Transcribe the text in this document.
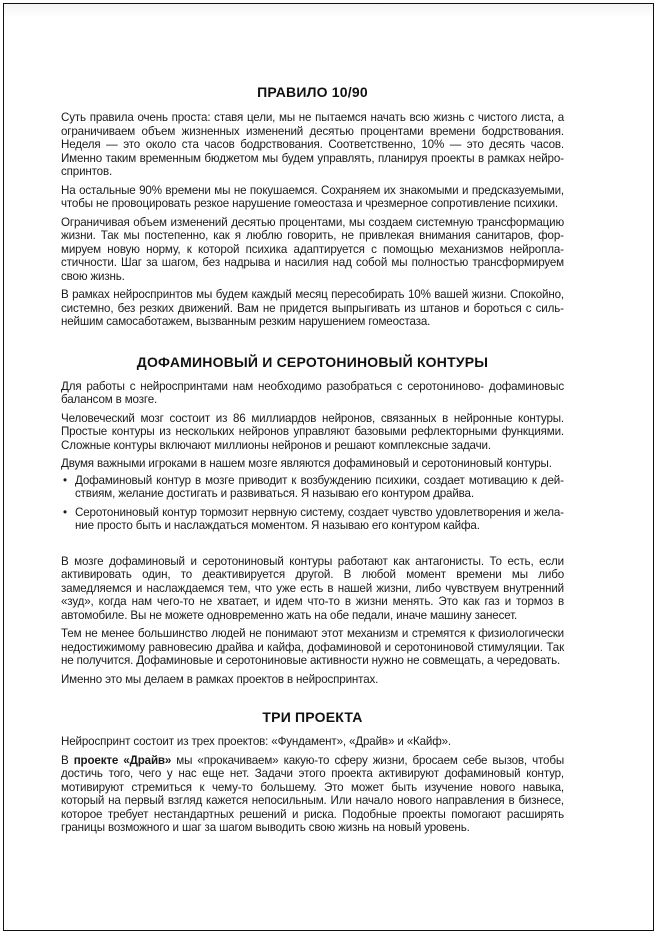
ПРАВИЛО 10/90

Суть правила очень проста: ставя цели, мы не пытаемся начать всю жизнь с чистого листа, а ограничиваем объем жизненных изменений десятью процентами времени бодрствования. Неделя — это около ста часов бодрствования. Соответственно, 10% — это десять часов. Именно таким временным бюджетом мы будем управлять, планируя проекты в рамках нейроспринтов.

На остальные 90% времени мы не покушаемся. Сохраняем их знакомыми и предсказуемыми, чтобы не провоцировать резкое нарушение гомеостаза и чрезмерное сопротивление психики.

Ограничивая объем изменений десятью процентами, мы создаем системную трансформацию жизни. Так мы постепенно, как я люблю говорить, не привлекая внимания санитаров, формируем новую норму, к которой психика адаптируется с помощью механизмов нейропластичности. Шаг за шагом, без надрыва и насилия над собой мы полностью трансформируем свою жизнь.

В рамках нейроспринтов мы будем каждый месяц пересобирать 10% вашей жизни. Спокойно, системно, без резких движений. Вам не придется выпрыгивать из штанов и бороться с сильнейшим самосаботажем, вызванным резким нарушением гомеостаза.

ДОФАМИНОВЫЙ И СЕРОТОНИНОВЫЙ КОНТУРЫ

Для работы с нейроспринтами нам необходимо разобраться с серотониново- дофаминовыс балансом в мозге.

Человеческий мозг состоит из 86 миллиардов нейронов, связанных в нейронные контуры. Простые контуры из нескольких нейронов управляют базовыми рефлекторными функциями. Сложные контуры включают миллионы нейронов и решают комплексные задачи.

Двумя важными игроками в нашем мозге являются дофаминовый и серотониновый контуры.

• Дофаминовый контур в мозге приводит к возбуждению психики, создает мотивацию к действиям, желание достигать и развиваться. Я называю его контуром драйва.
• Серотониновый контур тормозит нервную систему, создает чувство удовлетворения и желание просто быть и наслаждаться моментом. Я называю его контуром кайфа.

В мозге дофаминовый и серотониновый контуры работают как антагонисты. То есть, если активировать один, то деактивируется другой. В любой момент времени мы либо замедляемся и наслаждаемся тем, что уже есть в нашей жизни, либо чувствуем внутренний «зуд», когда нам чего-то не хватает, и идем что-то в жизни менять. Это как газ и тормоз в автомобиле. Вы не можете одновременно жать на обе педали, иначе машину занесет.

Тем не менее большинство людей не понимают этот механизм и стремятся к физиологически недостижимому равновесию драйва и кайфа, дофаминовой и серотониновой стимуляции. Так не получится. Дофаминовые и серотониновые активности нужно не совмещать, а чередовать.

Именно это мы делаем в рамках проектов в нейроспринтах.

ТРИ ПРОЕКТА

Нейроспринт состоит из трех проектов: «Фундамент», «Драйв» и «Кайф».

В проекте «Драйв» мы «прокачиваем» какую-то сферу жизни, бросаем себе вызов, чтобы достичь того, чего у нас еще нет. Задачи этого проекта активируют дофаминовый контур, мотивируют стремиться к чему-то большему. Это может быть изучение нового навыка, который на первый взгляд кажется непосильным. Или начало нового направления в бизнесе, которое требует нестандартных решений и риска. Подобные проекты помогают расширять границы возможного и шаг за шагом выводить свою жизнь на новый уровень.
